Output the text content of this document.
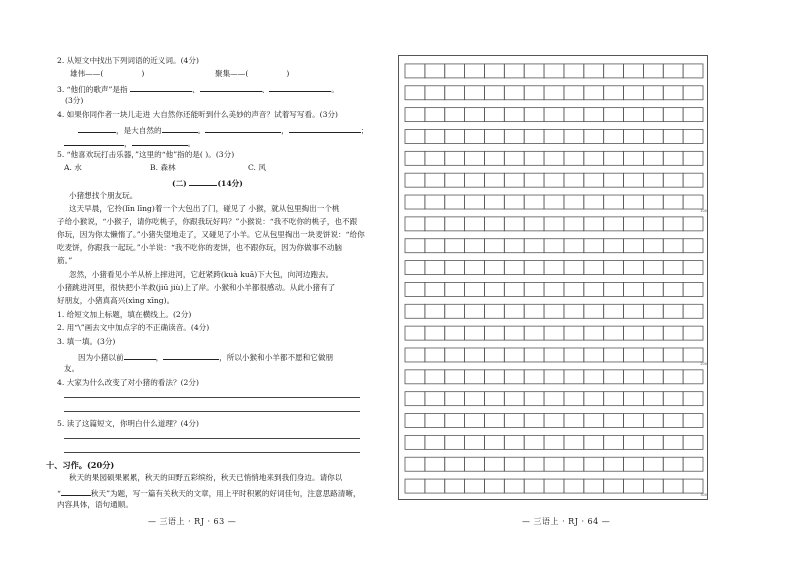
2. 从短文中找出下列词语的近义词。(4分)
雄伟——(	)	聚集——(	)
3. “他们的歌声”是指	、	、	。
(3分)
4. 如果你同作者一块儿走进 大自然你还能听到什么美妙的声音？试着写写看。(3分)
，是大自然的	。	，	；
，	。
5. “他喜欢玩打击乐器，”这里的“他”指的是( )。(3分)
A. 水	B. 森林	C. 风
(二)	(14分)
小猪想找个朋友玩。
这天早晨，它拎(līn līng)着一个大包出了门，碰见了 小猴，就从包里掏出一个桃
子给小猴说，“小猴子，请你吃桃子，你跟我玩好吗？”小猴说：“我不吃你的桃子，也不跟
你玩，因为你太懒惰了。”小猪失望地走了，又碰见了小羊。它从包里掏出一块麦饼说：“给你
吃麦饼，你跟我一起玩。”小羊说：“我不吃你的麦饼，也不跟你玩，因为你做事不动脑
筋。”
忽然，小猪看见小羊从桥上摔进河，它赶紧跨(kuà kuā)下大包，向河边跑去。
小猪跳进河里，很快把小羊救(jiū jiù)上了岸。小猴和小羊都很感动。从此小猪有了
好朋友，小猪真高兴(xìng xīng)。
1. 给短文加上标题，填在横线上。(2分)
2. 用“\”画去文中加点字的不正确读音。(4分)
3. 填一填。(3分)
因为小猪以前	，	，所以小猴和小羊都不愿和它做朋
友。
4. 大家为什么改变了对小猪的看法？(2分)
5. 读了这篇短文，你明白什么道理？(4分)
十、习作。(20分)
秋天的果园硕果累累，秋天的田野五彩缤纷，秋天已悄悄地来到我们身边。请你以
“	秋天”为题，写一篇有关秋天的文章，用上平时积累的好词佳句，注意思路清晰，
内容具体，语句通顺。
— 三语上 · RJ · 63 —
100
200
300
— 三语上 · RJ · 64 —
